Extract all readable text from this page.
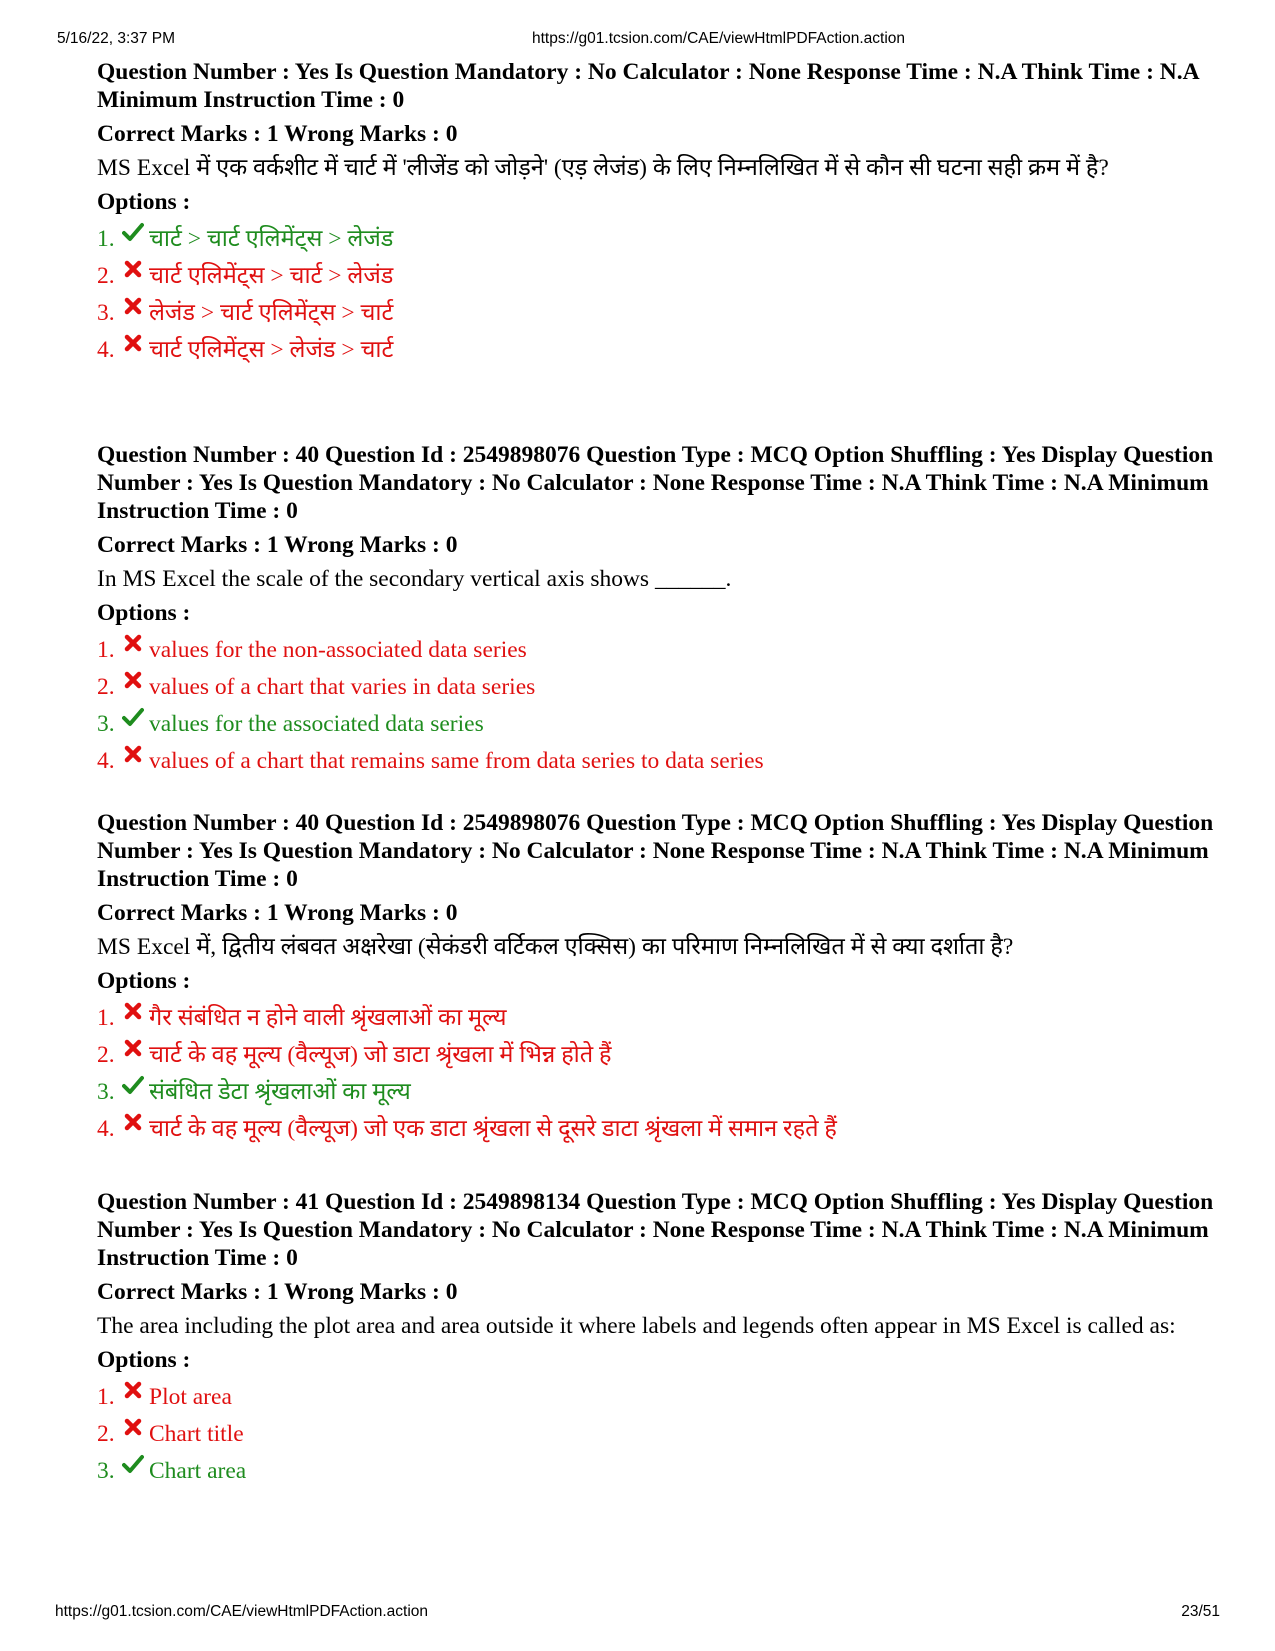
5/16/22, 3:37 PM	https://g01.tcsion.com/CAE/viewHtmlPDFAction.action
Question Number : Yes Is Question Mandatory : No Calculator : None Response Time : N.A Think Time : N.A Minimum Instruction Time : 0
Correct Marks : 1 Wrong Marks : 0
MS Excel में एक वर्कशीट में चार्ट में 'लीजेंड को जोड़ने' (एड़ लेजंड) के लिए निम्नलिखित में से कौन सी घटना सही क्रम में है?
Options :
1.	चार्ट > चार्ट एलिमेंट्स > लेजंड
2.	चार्ट एलिमेंट्स > चार्ट > लेजंड
3.	लेजंड > चार्ट एलिमेंट्स > चार्ट
4.	चार्ट एलिमेंट्स > लेजंड > चार्ट
Question Number : 40 Question Id : 2549898076 Question Type : MCQ Option Shuffling : Yes Display Question Number : Yes Is Question Mandatory : No Calculator : None Response Time : N.A Think Time : N.A Minimum Instruction Time : 0
Correct Marks : 1 Wrong Marks : 0
In MS Excel the scale of the secondary vertical axis shows ______.
Options :
1.	values for the non-associated data series
2.	values of a chart that varies in data series
3.	values for the associated data series
4.	values of a chart that remains same from data series to data series
Question Number : 40 Question Id : 2549898076 Question Type : MCQ Option Shuffling : Yes Display Question Number : Yes Is Question Mandatory : No Calculator : None Response Time : N.A Think Time : N.A Minimum Instruction Time : 0
Correct Marks : 1 Wrong Marks : 0
MS Excel में, द्वितीय लंबवत अक्षरेखा (सेकंडरी वर्टिकल एक्सिस) का परिमाण निम्नलिखित में से क्या दर्शाता है?
Options :
1.	गैर संबंधित न होने वाली श्रृंखलाओं का मूल्य
2.	चार्ट के वह मूल्य (वैल्यूज) जो डाटा श्रृंखला में भिन्न होते हैं
3.	संबंधित डेटा श्रृंखलाओं का मूल्य
4.	चार्ट के वह मूल्य (वैल्यूज) जो एक डाटा श्रृंखला से दूसरे डाटा श्रृंखला में समान रहते हैं
Question Number : 41 Question Id : 2549898134 Question Type : MCQ Option Shuffling : Yes Display Question Number : Yes Is Question Mandatory : No Calculator : None Response Time : N.A Think Time : N.A Minimum Instruction Time : 0
Correct Marks : 1 Wrong Marks : 0
The area including the plot area and area outside it where labels and legends often appear in MS Excel is called as:
Options :
1.	Plot area
2.	Chart title
3.	Chart area
https://g01.tcsion.com/CAE/viewHtmlPDFAction.action	23/51
